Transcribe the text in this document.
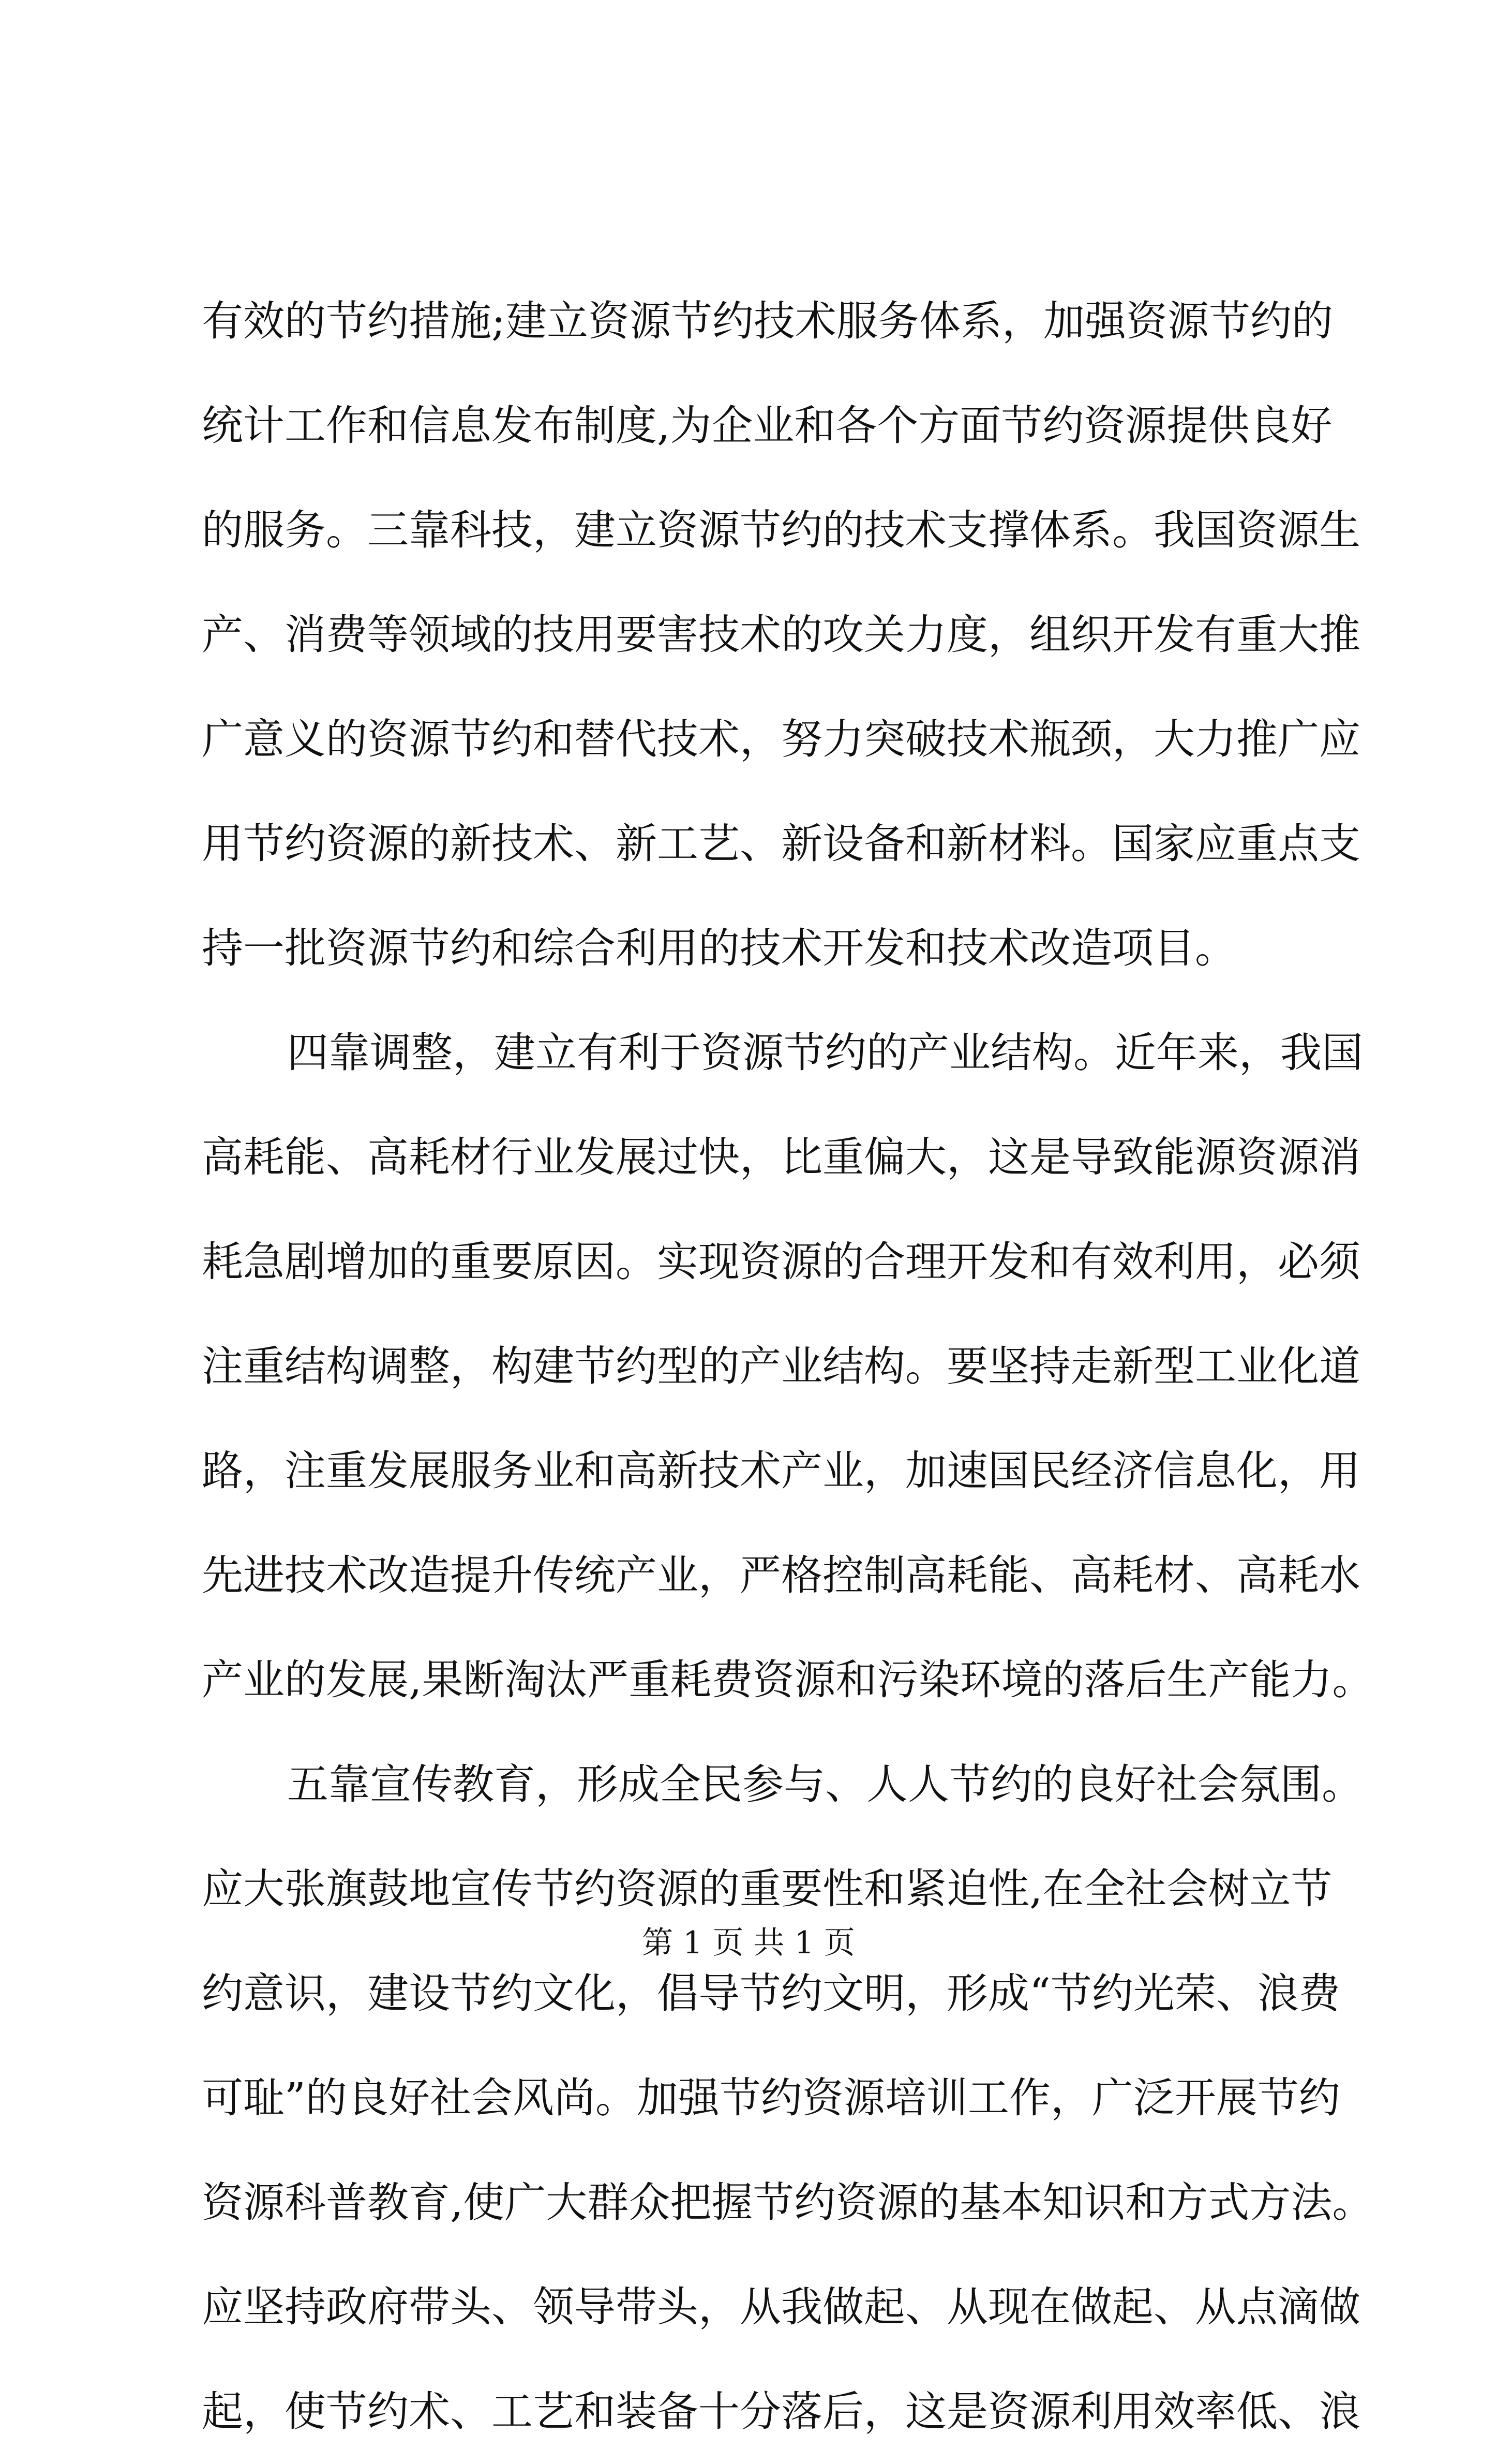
有效的节约措施;建立资源节约技术服务体系，加强资源节约的
统计工作和信息发布制度,为企业和各个方面节约资源提供良好
的服务。三靠科技，建立资源节约的技术支撑体系。我国资源生
产、消费等领域的技用要害技术的攻关力度，组织开发有重大推
广意义的资源节约和替代技术，努力突破技术瓶颈，大力推广应
用节约资源的新技术、新工艺、新设备和新材料。国家应重点支
持一批资源节约和综合利用的技术开发和技术改造项目。
四靠调整，建立有利于资源节约的产业结构。近年来，我国
高耗能、高耗材行业发展过快，比重偏大，这是导致能源资源消
耗急剧增加的重要原因。实现资源的合理开发和有效利用，必须
注重结构调整，构建节约型的产业结构。要坚持走新型工业化道
路，注重发展服务业和高新技术产业，加速国民经济信息化，用
先进技术改造提升传统产业，严格控制高耗能、高耗材、高耗水
产业的发展,果断淘汰严重耗费资源和污染环境的落后生产能力。
五靠宣传教育，形成全民参与、人人节约的良好社会氛围。
应大张旗鼓地宣传节约资源的重要性和紧迫性,在全社会树立节
约意识，建设节约文化，倡导节约文明，形成“节约光荣、浪费
可耻”的良好社会风尚。加强节约资源培训工作，广泛开展节约
资源科普教育,使广大群众把握节约资源的基本知识和方式方法。
应坚持政府带头、领导带头，从我做起、从现在做起、从点滴做
起，使节约术、工艺和装备十分落后，这是资源利用效率低、浪
第 1 页 共 1 页
